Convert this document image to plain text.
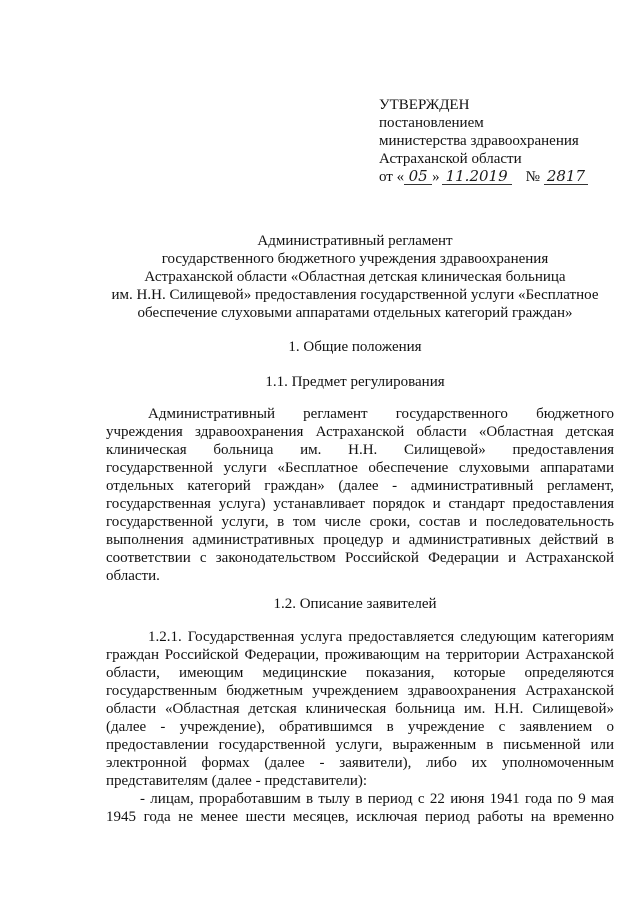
УТВЕРЖДЕН
постановлением
министерства здравоохранения
Астраханской области
от « 05 » 11.2019 № 2817
Административный регламент
государственного бюджетного учреждения здравоохранения
Астраханской области «Областная детская клиническая больница
им. Н.Н. Силищевой» предоставления государственной услуги «Бесплатное
обеспечение слуховыми аппаратами отдельных категорий граждан»
1. Общие положения
1.1. Предмет регулирования
Административный регламент государственного бюджетного
учреждения здравоохранения Астраханской области «Областная детская
клиническая больница им. Н.Н. Силищевой» предоставления
государственной услуги «Бесплатное обеспечение слуховыми аппаратами
отдельных категорий граждан» (далее - административный регламент,
государственная услуга) устанавливает порядок и стандарт предоставления
государственной услуги, в том числе сроки, состав и последовательность
выполнения административных процедур и административных действий в
соответствии с законодательством Российской Федерации и Астраханской
области.
1.2. Описание заявителей
1.2.1. Государственная услуга предоставляется следующим категориям
граждан Российской Федерации, проживающим на территории Астраханской
области, имеющим медицинские показания, которые определяются
государственным бюджетным учреждением здравоохранения Астраханской
области «Областная детская клиническая больница им. Н.Н. Силищевой»
(далее - учреждение), обратившимся в учреждение с заявлением о
предоставлении государственной услуги, выраженным в письменной или
электронной формах (далее - заявители), либо их уполномоченным
представителям (далее - представители):
- лицам, проработавшим в тылу в период с 22 июня 1941 года по 9 мая
1945 года не менее шести месяцев, исключая период работы на временно
